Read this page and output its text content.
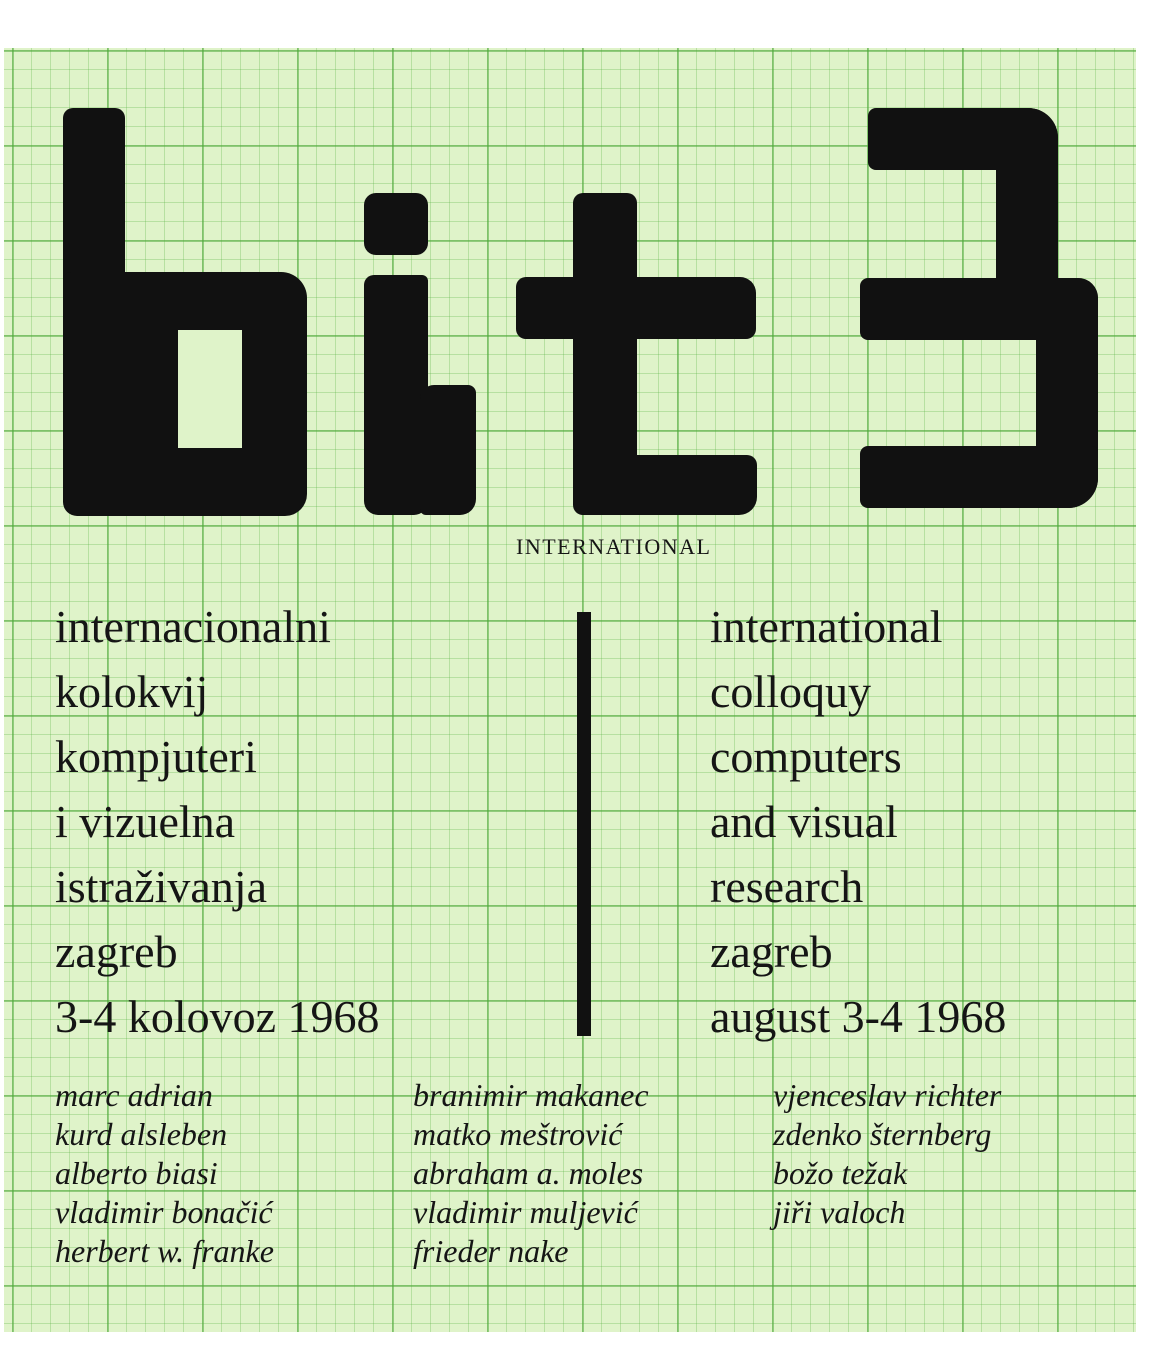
INTERNATIONAL
internacionalni
kolokvij
kompjuteri
i vizuelna
istraživanja
zagreb
3-4 kolovoz 1968
international
colloquy
computers
and visual
research
zagreb
august 3-4 1968
marc adrian
kurd alsleben
alberto biasi
vladimir bonačić
herbert w. franke
branimir makanec
matko meštrović
abraham a. moles
vladimir muljević
frieder nake
vjenceslav richter
zdenko šternberg
božo težak
jiři valoch
